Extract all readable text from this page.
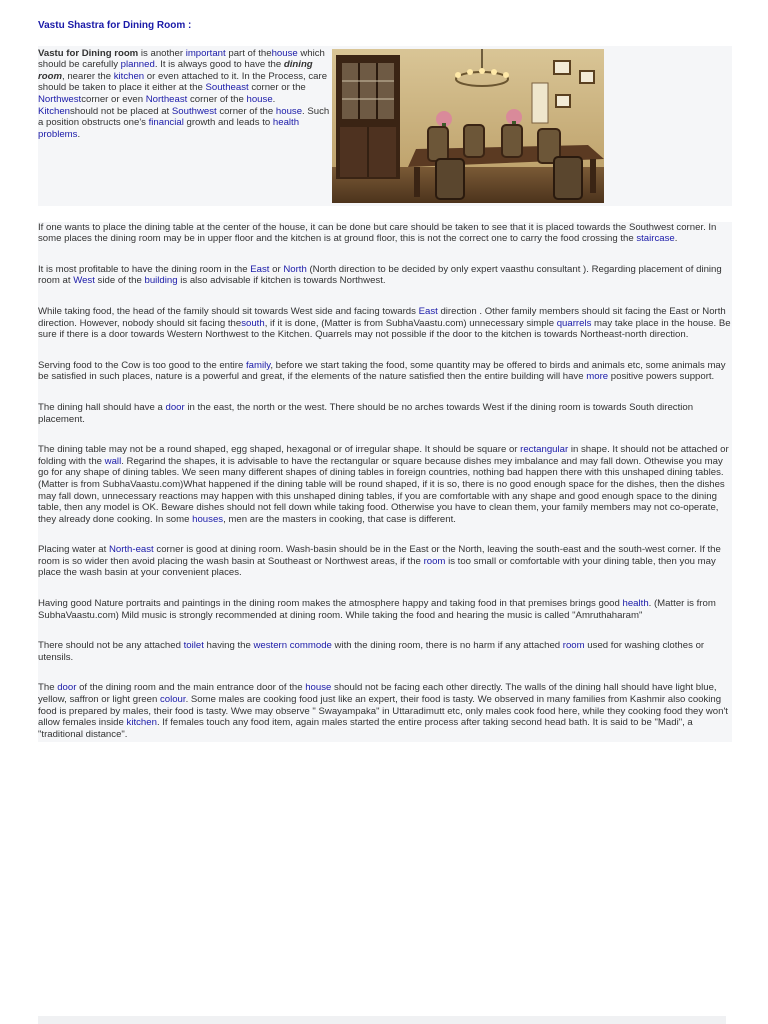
Vastu Shastra for Dining Room :
Vastu for Dining room is another important part of thehouse which should be carefully planned. It is always good to have the dining room, nearer the kitchen or even attached to it. In the Process, care should be taken to place it either at the Southeast corner or the Northwestcorner or even Northeast corner of the house. Kitchenshould not be placed at Southwest corner of the house. Such a position obstructs one's financial growth and leads to health problems.

If one wants to place the dining table at the center of the house, it can be done but care should be taken to see that it is placed towards the Southwest corner. In some places the dining room may be in upper floor and the kitchen is at ground floor, this is not the correct one to carry the food crossing the staircase.

It is most profitable to have the dining room in the East or North (North direction to be decided by only expert vaasthu consultant ). Regarding placement of dining room at West side of the building is also advisable if kitchen is towards Northwest.

While taking food, the head of the family should sit towards West side and facing towards East direction . Other family members should sit facing the East or North direction. However, nobody should sit facing thesouth, if it is done, (Matter is from SubhaVaastu.com) unnecessary simple quarrels may take place in the house. Be sure if there is a door towards Western Northwest to the Kitchen. Quarrels may not possible if the door to the kitchen is towards Northeast-north direction.

Serving food to the Cow is too good to the entire family, before we start taking the food, some quantity may be offered to birds and animals etc, some animals may be satisfied in such places, nature is a powerful and great, if the elements of the nature satisfied then the entire building will have more positive powers support.

The dining hall should have a door in the east, the north or the west. There should be no arches towards West if the dining room is towards South direction placement.

The dining table may not be a round shaped, egg shaped, hexagonal or of irregular shape. It should be square or rectangular in shape. It should not be attached or folding with the wall. Regarind the shapes, it is advisable to have the rectangular or square because dishes mey imbalance and may fall down. Othewise you may go for any shape of dining tables. We seen many different shapes of dining tables in foreign countries, nothing bad happen there with this unshaped dining tables. (Matter is from SubhaVaastu.com)What happened if the dining table will be round shaped, if it is so, there is no good enough space for the dishes, then the dishes may fall down, unnecessary reactions may happen with this unshaped dining tables, if you are comfortable with any shape and good enough space to the dining table, then any model is OK. Beware dishes should not fell down while taking food. Otherwise you have to clean them, your family members may not co-operate, they already done cooking. In some houses, men are the masters in cooking, that case is different.

Placing water at North-east corner is good at dining room. Wash-basin should be in the East or the North, leaving the south-east and the south-west corner. If the room is so wider then avoid placing the wash basin at Southeast or Northwest areas, if the room is too small or comfortable with your dining table, then you may place the wash basin at your convenient places.

Having good Nature portraits and paintings in the dining room makes the atmosphere happy and taking food in that premises brings good health. (Matter is from SubhaVaastu.com) Mild music is strongly recommended at dining room. While taking the food and hearing the music is called "Amruthaharam"

There should not be any attached toilet having the western commode with the dining room, there is no harm if any attached room used for washing clothes or utensils.

The door of the dining room and the main entrance door of the house should not be facing each other directly. The walls of the dining hall should have light blue, yellow, saffron or light green colour. Some males are cooking food just like an expert, their food is tasty. We observed in many families from Kashmir also cooking food is prepared by males, their food is tasty. Wwe may observe " Swayampaka" in Uttaradimutt etc, only males cook food here, while they cooking food they won't allow females inside kitchen. If females touch any food item, again males started the entire process after taking second head bath. It is said to be "Madi", a "traditional distance".
